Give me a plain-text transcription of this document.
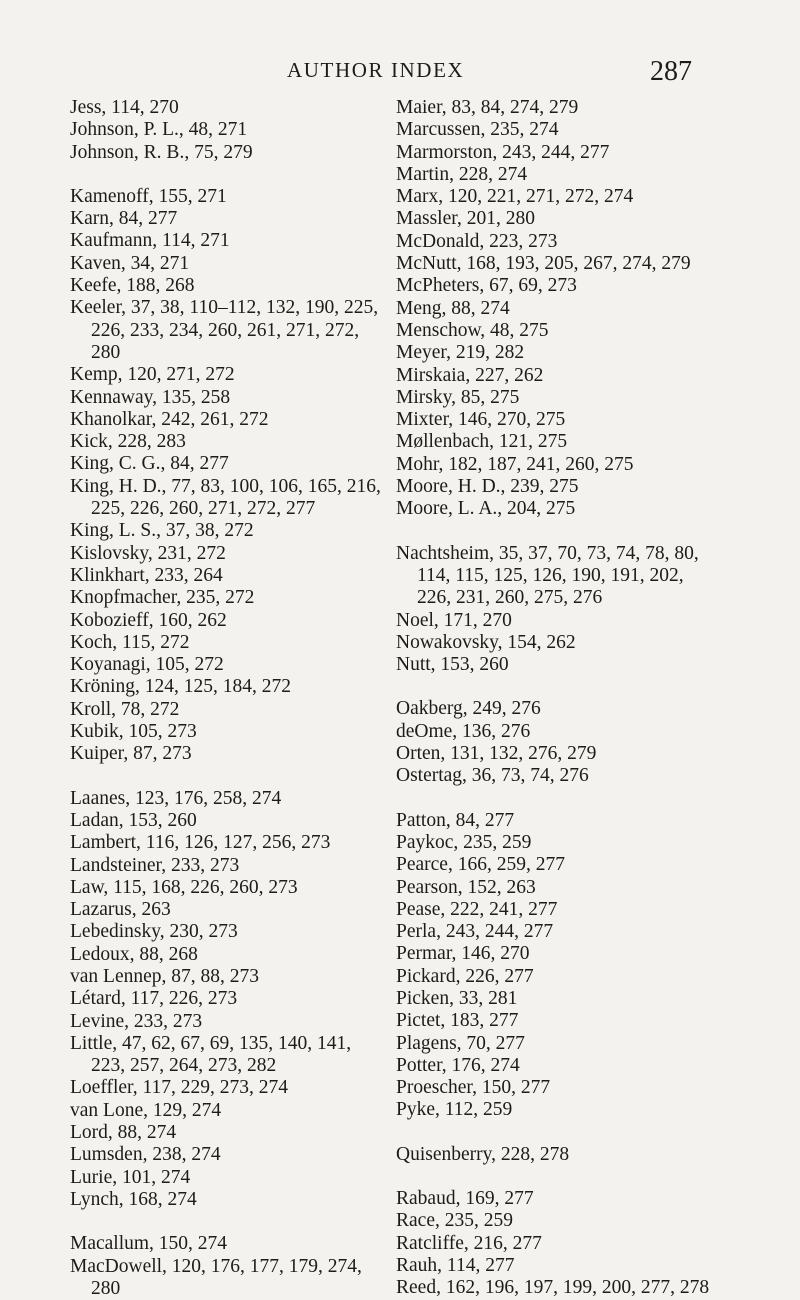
AUTHOR INDEX	287
Jess, 114, 270
Johnson, P. L., 48, 271
Johnson, R. B., 75, 279
Kamenoff, 155, 271
Karn, 84, 277
Kaufmann, 114, 271
Kaven, 34, 271
Keefe, 188, 268
Keeler, 37, 38, 110–112, 132, 190, 225,
226, 233, 234, 260, 261, 271, 272,
280
Kemp, 120, 271, 272
Kennaway, 135, 258
Khanolkar, 242, 261, 272
Kick, 228, 283
King, C. G., 84, 277
King, H. D., 77, 83, 100, 106, 165, 216,
225, 226, 260, 271, 272, 277
King, L. S., 37, 38, 272
Kislovsky, 231, 272
Klinkhart, 233, 264
Knopfmacher, 235, 272
Kobozieff, 160, 262
Koch, 115, 272
Koyanagi, 105, 272
Kröning, 124, 125, 184, 272
Kroll, 78, 272
Kubik, 105, 273
Kuiper, 87, 273
Laanes, 123, 176, 258, 274
Ladan, 153, 260
Lambert, 116, 126, 127, 256, 273
Landsteiner, 233, 273
Law, 115, 168, 226, 260, 273
Lazarus, 263
Lebedinsky, 230, 273
Ledoux, 88, 268
van Lennep, 87, 88, 273
Létard, 117, 226, 273
Levine, 233, 273
Little, 47, 62, 67, 69, 135, 140, 141,
223, 257, 264, 273, 282
Loeffler, 117, 229, 273, 274
van Lone, 129, 274
Lord, 88, 274
Lumsden, 238, 274
Lurie, 101, 274
Lynch, 168, 274
Macallum, 150, 274
MacDowell, 120, 176, 177, 179, 274,
280
Maier, 83, 84, 274, 279
Marcussen, 235, 274
Marmorston, 243, 244, 277
Martin, 228, 274
Marx, 120, 221, 271, 272, 274
Massler, 201, 280
McDonald, 223, 273
McNutt, 168, 193, 205, 267, 274, 279
McPheters, 67, 69, 273
Meng, 88, 274
Menschow, 48, 275
Meyer, 219, 282
Mirskaia, 227, 262
Mirsky, 85, 275
Mixter, 146, 270, 275
Møllenbach, 121, 275
Mohr, 182, 187, 241, 260, 275
Moore, H. D., 239, 275
Moore, L. A., 204, 275
Nachtsheim, 35, 37, 70, 73, 74, 78, 80,
114, 115, 125, 126, 190, 191, 202,
226, 231, 260, 275, 276
Noel, 171, 270
Nowakovsky, 154, 262
Nutt, 153, 260
Oakberg, 249, 276
deOme, 136, 276
Orten, 131, 132, 276, 279
Ostertag, 36, 73, 74, 276
Patton, 84, 277
Paykoc, 235, 259
Pearce, 166, 259, 277
Pearson, 152, 263
Pease, 222, 241, 277
Perla, 243, 244, 277
Permar, 146, 270
Pickard, 226, 277
Picken, 33, 281
Pictet, 183, 277
Plagens, 70, 277
Potter, 176, 274
Proescher, 150, 277
Pyke, 112, 259
Quisenberry, 228, 278
Rabaud, 169, 277
Race, 235, 259
Ratcliffe, 216, 277
Rauh, 114, 277
Reed, 162, 196, 197, 199, 200, 277, 278
